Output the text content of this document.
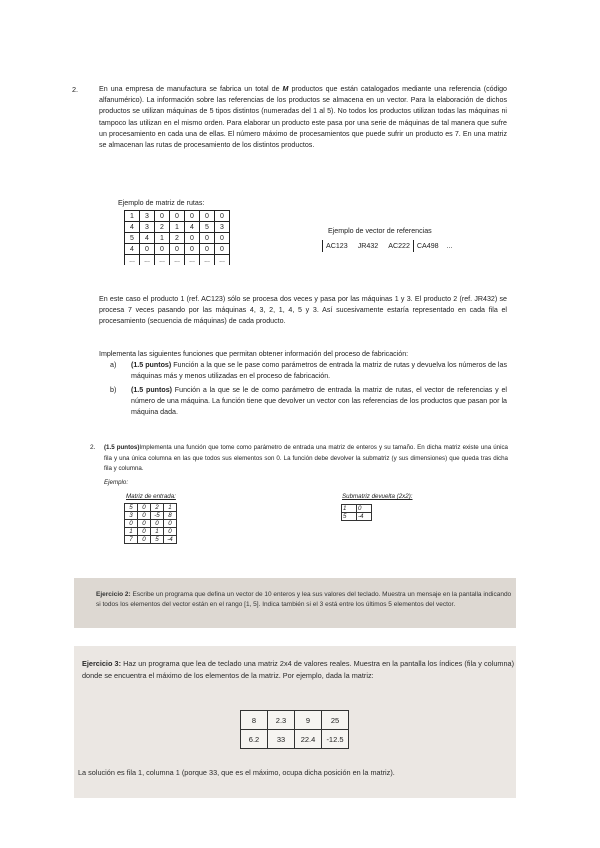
2.	En una empresa de manufactura se fabrica un total de M productos que están catalogados mediante una referencia (código alfanumérico). La información sobre las referencias de los productos se almacena en un vector. Para la elaboración de dichos productos se utilizan máquinas de 5 tipos distintos (numeradas del 1 al 5). No todos los productos utilizan todas las máquinas ni tampoco las utilizan en el mismo orden. Para elaborar un producto este pasa por una serie de máquinas de tal manera que sufre un procesamiento en cada una de ellas. El número máximo de procesamientos que puede sufrir un producto es 7. En una matriz se almacenan las rutas de procesamiento de los distintos productos.
Ejemplo de matriz de rutas:
1	3	0	0	0	0	0
4	3	2	1	4	5	3
5	4	1	2	0	0	0
4	0	0	0	0	0	0
...	...	...	...	...	...	...
Ejemplo de vector de referencias
AC123 JR432 AC222 CA498 ...
En este caso el producto 1 (ref. AC123) sólo se procesa dos veces y pasa por las máquinas 1 y 3. El producto 2 (ref. JR432) se procesa 7 veces pasando por las máquinas 4, 3, 2, 1, 4, 5 y 3. Así sucesivamente estaría representado en cada fila el procesamiento (secuencia de máquinas) de cada producto.
Implementa las siguientes funciones que permitan obtener información del proceso de fabricación:
a) (1.5 puntos) Función a la que se le pase como parámetros de entrada la matriz de rutas y devuelva los números de las máquinas más y menos utilizadas en el proceso de fabricación.
b) (1.5 puntos) Función a la que se le de como parámetro de entrada la matriz de rutas, el vector de referencias y el número de una máquina. La función tiene que devolver un vector con las referencias de los productos que pasan por la máquina dada.
2. (1.5 puntos)Implementa una función que tome como parámetro de entrada una matriz de enteros y su tamaño. En dicha matriz existe una única fila y una única columna en las que todos sus elementos son 0. La función debe devolver la submatriz (y sus dimensiones) que queda tras dicha fila y columna.
Ejemplo:
Matriz de entrada:
5	0	2	1
3	0	-5	8
0	0	0	0
1	0	1	0
7	0	5	-4
Submatriz devuelta (2x2):
1	0
5	-4
Ejercicio 2: Escribe un programa que defina un vector de 10 enteros y lea sus valores del teclado. Muestra un mensaje en la pantalla indicando si todos los elementos del vector están en el rango [1, 5]. Indica también si el 3 está entre los últimos 5 elementos del vector.
Ejercicio 3: Haz un programa que lea de teclado una matriz 2x4 de valores reales. Muestra en la pantalla los índices (fila y columna) donde se encuentra el máximo de los elementos de la matriz. Por ejemplo, dada la matriz:
8	2.3	9	25
6.2	33	22.4	-12.5
La solución es fila 1, columna 1 (porque 33, que es el máximo, ocupa dicha posición en la matriz).
